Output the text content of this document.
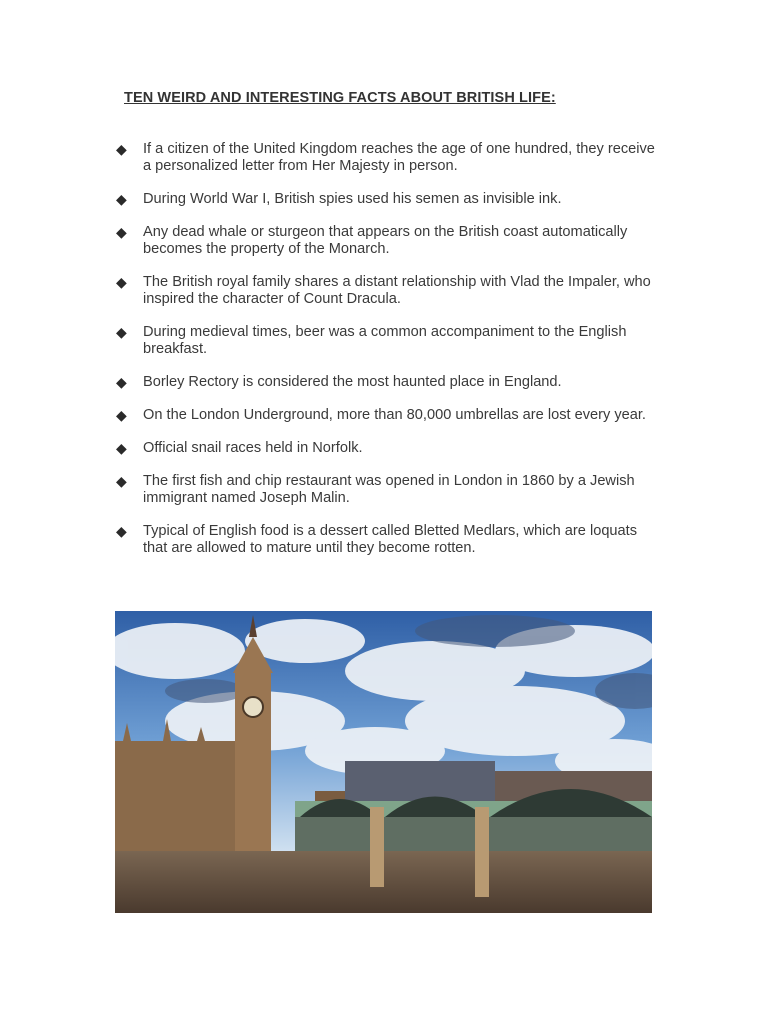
TEN WEIRD AND INTERESTING FACTS ABOUT BRITISH LIFE:
◆ If a citizen of the United Kingdom reaches the age of one hundred, they receive a personalized letter from Her Majesty in person.
◆ During World War I, British spies used his semen as invisible ink.
◆ Any dead whale or sturgeon that appears on the British coast automatically becomes the property of the Monarch.
◆ The British royal family shares a distant relationship with Vlad the Impaler, who inspired the character of Count Dracula.
◆ During medieval times, beer was a common accompaniment to the English breakfast.
◆ Borley Rectory is considered the most haunted place in England.
◆ On the London Underground, more than 80,000 umbrellas are lost every year.
◆ Official snail races held in Norfolk.
◆ The first fish and chip restaurant was opened in London in 1860 by a Jewish immigrant named Joseph Malin.
◆ Typical of English food is a dessert called Bletted Medlars, which are loquats that are allowed to mature until they become rotten.
